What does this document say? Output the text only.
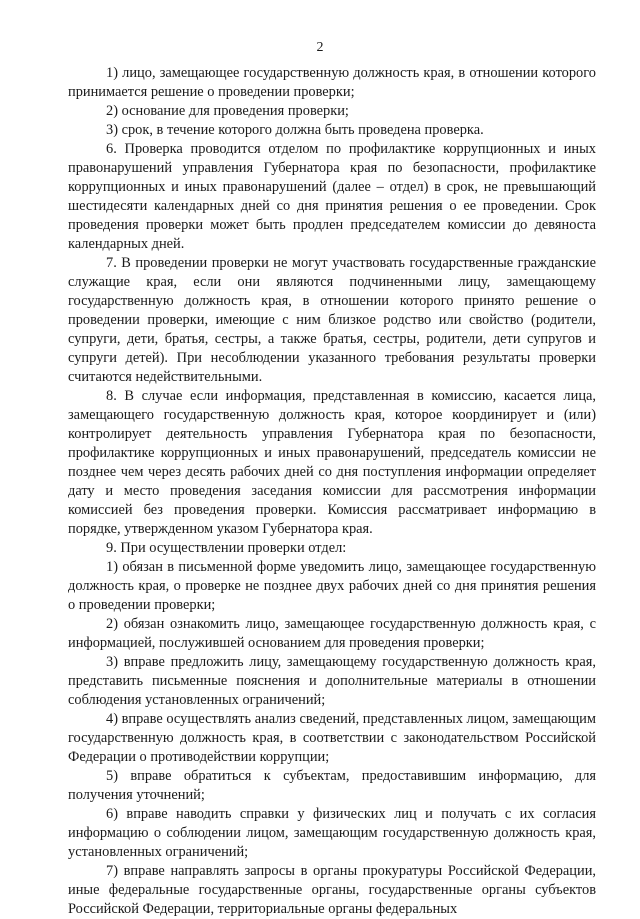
2

1) лицо, замещающее государственную должность края, в отношении которого принимается решение о проведении проверки;

2) основание для проведения проверки;

3) срок, в течение которого должна быть проведена проверка.

6. Проверка проводится отделом по профилактике коррупционных и иных правонарушений управления Губернатора края по безопасности, профилактике коррупционных и иных правонарушений (далее – отдел) в срок, не превышающий шестидесяти календарных дней со дня принятия решения о ее проведении. Срок проведения проверки может быть продлен председателем комиссии до девяноста календарных дней.

7. В проведении проверки не могут участвовать государственные гражданские служащие края, если они являются подчиненными лицу, замещающему государственную должность края, в отношении которого принято решение о проведении проверки, имеющие с ним близкое родство или свойство (родители, супруги, дети, братья, сестры, а также братья, сестры, родители, дети супругов и супруги детей). При несоблюдении указанного требования результаты проверки считаются недействительными.

8. В случае если информация, представленная в комиссию, касается лица, замещающего государственную должность края, которое координирует и (или) контролирует деятельность управления Губернатора края по безопасности, профилактике коррупционных и иных правонарушений, председатель комиссии не позднее чем через десять рабочих дней со дня поступления информации определяет дату и место проведения заседания комиссии для рассмотрения информации комиссией без проведения проверки. Комиссия рассматривает информацию в порядке, утвержденном указом Губернатора края.

9. При осуществлении проверки отдел:

1) обязан в письменной форме уведомить лицо, замещающее государственную должность края, о проверке не позднее двух рабочих дней со дня принятия решения о проведении проверки;

2) обязан ознакомить лицо, замещающее государственную должность края, с информацией, послужившей основанием для проведения проверки;

3) вправе предложить лицу, замещающему государственную должность края, представить письменные пояснения и дополнительные материалы в отношении соблюдения установленных ограничений;

4) вправе осуществлять анализ сведений, представленных лицом, замещающим государственную должность края, в соответствии с законодательством Российской Федерации о противодействии коррупции;

5) вправе обратиться к субъектам, предоставившим информацию, для получения уточнений;

6) вправе наводить справки у физических лиц и получать с их согласия информацию о соблюдении лицом, замещающим государственную должность края, установленных ограничений;

7) вправе направлять запросы в органы прокуратуры Российской Федерации, иные федеральные государственные органы, государственные органы субъектов Российской Федерации, территориальные органы федеральных
